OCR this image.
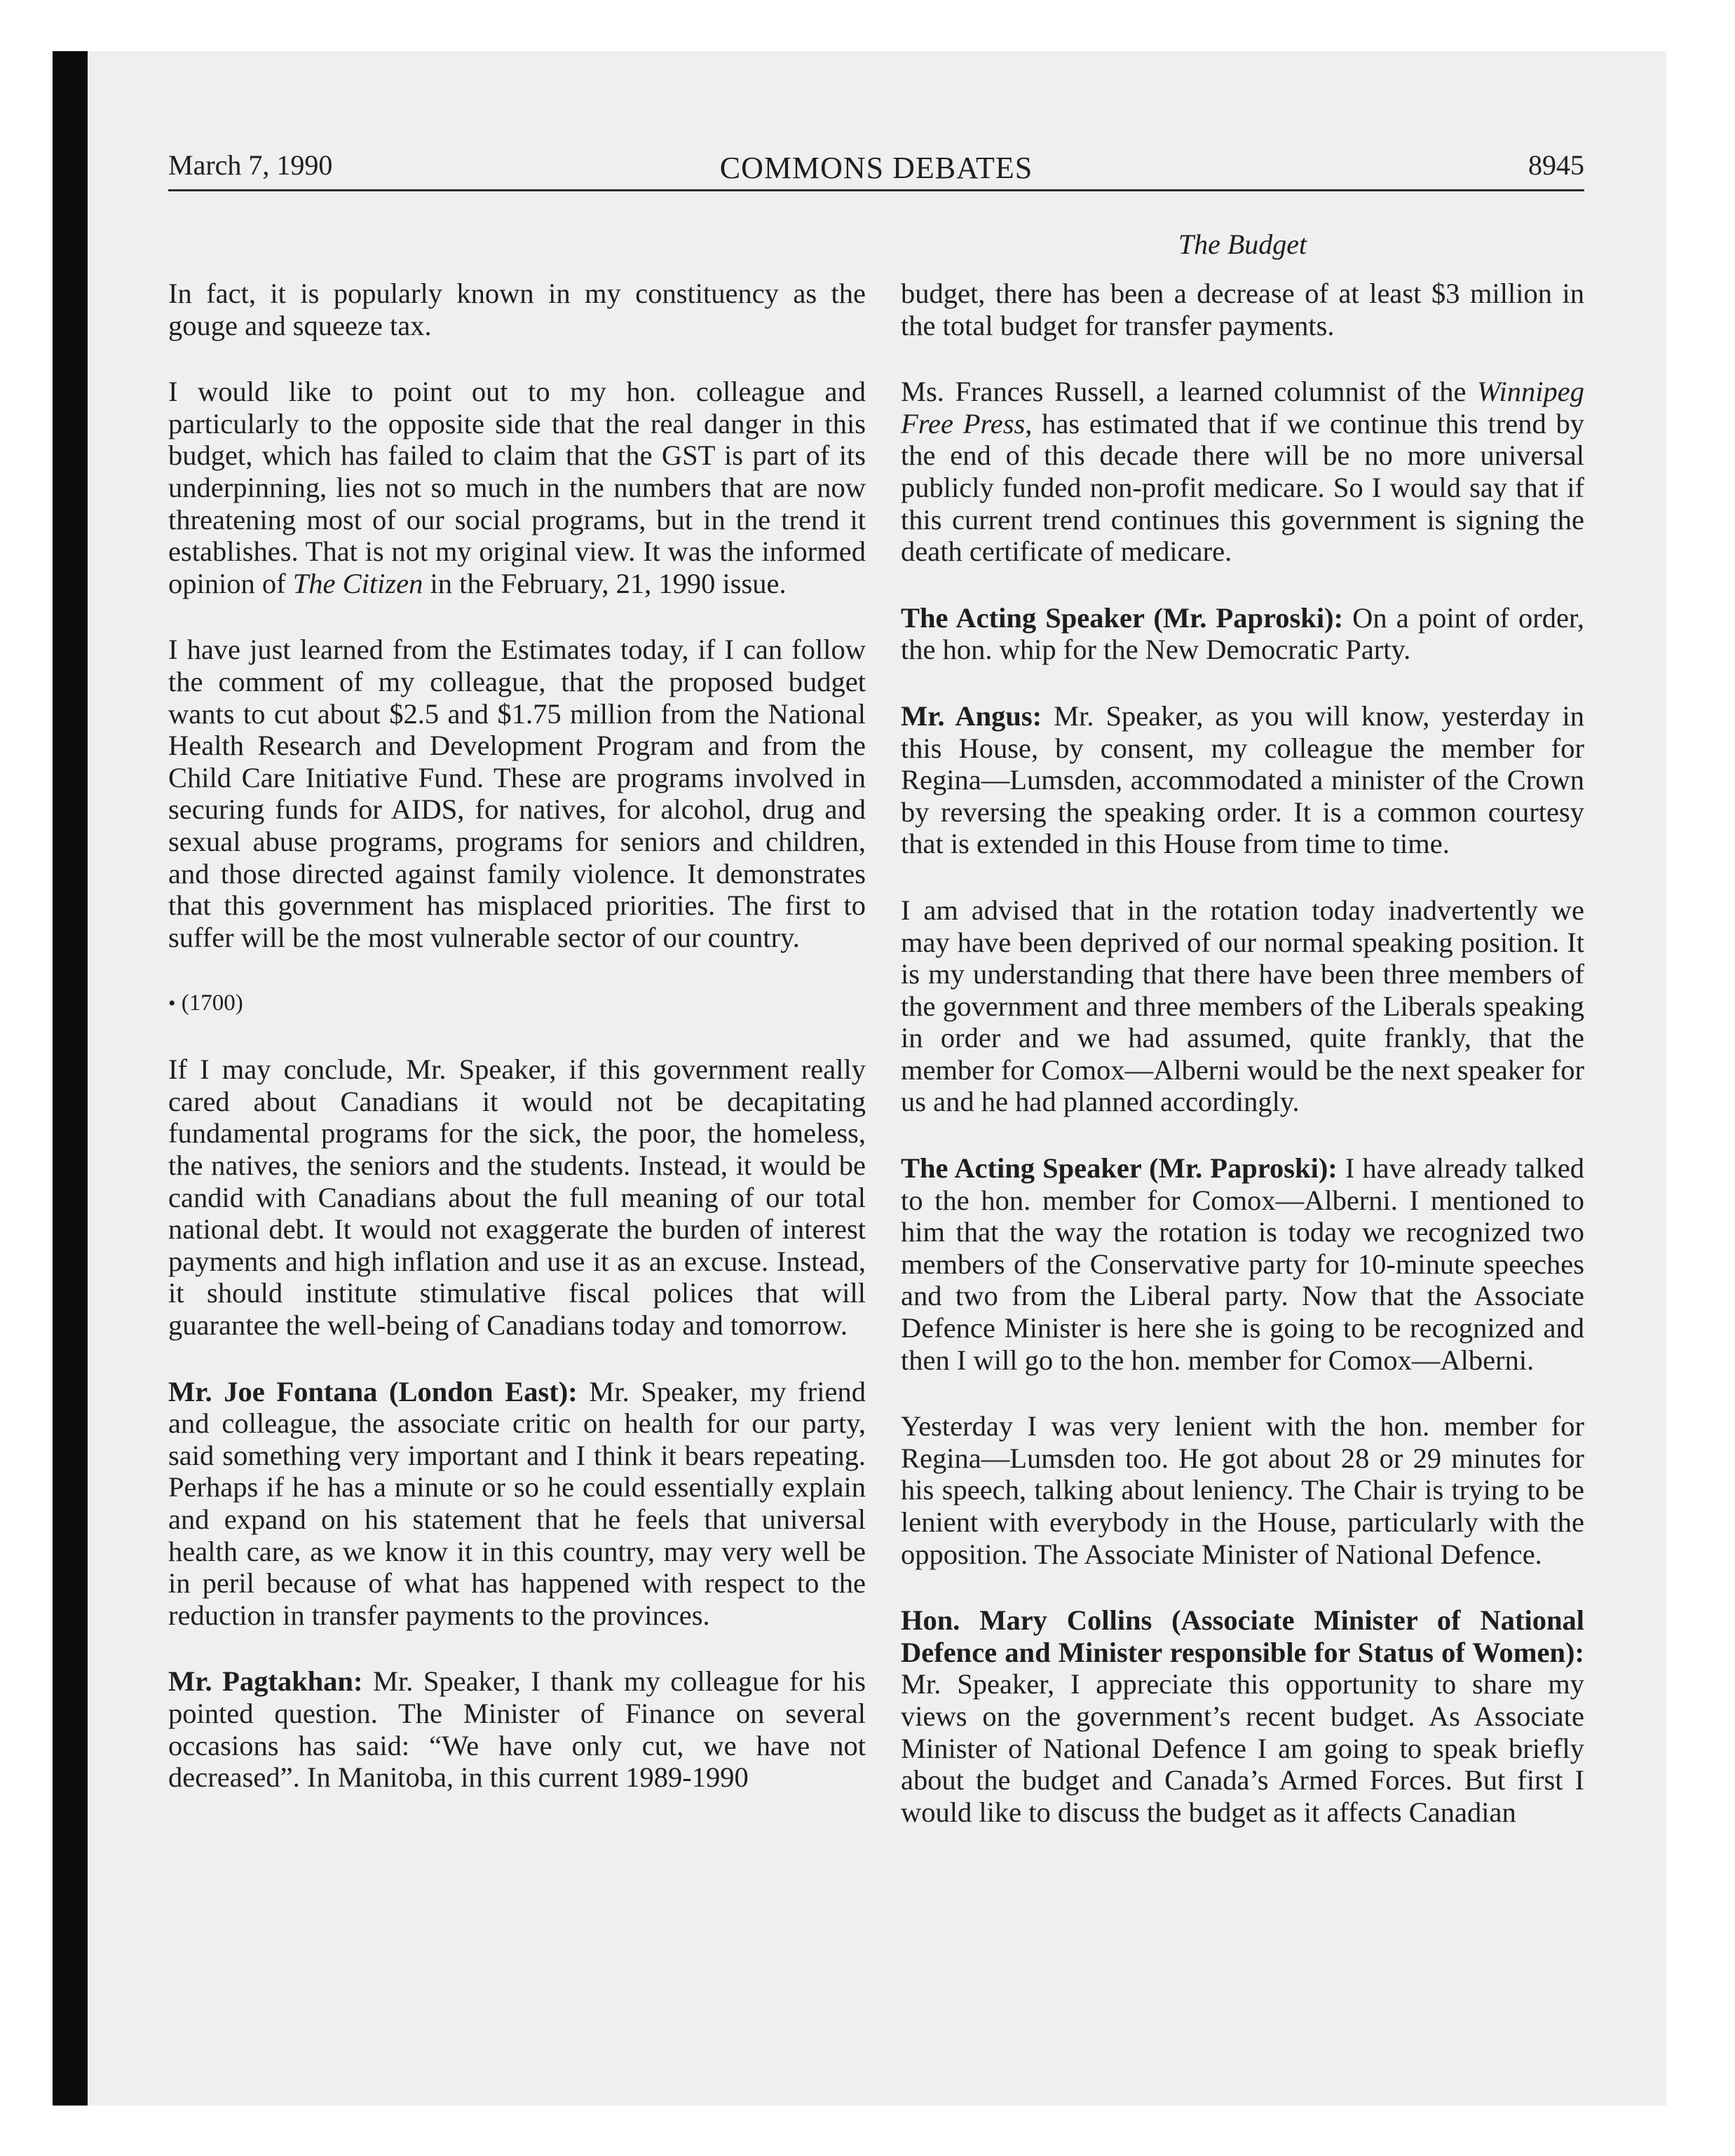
March 7, 1990	COMMONS DEBATES	8945
The Budget

In fact, it is popularly known in my constituency as the gouge and squeeze tax.

I would like to point out to my hon. colleague and particularly to the opposite side that the real danger in this budget, which has failed to claim that the GST is part of its underpinning, lies not so much in the numbers that are now threatening most of our social programs, but in the trend it establishes. That is not my original view. It was the informed opinion of The Citizen in the February, 21, 1990 issue.

I have just learned from the Estimates today, if I can follow the comment of my colleague, that the proposed budget wants to cut about $2.5 and $1.75 million from the National Health Research and Development Program and from the Child Care Initiative Fund. These are programs involved in securing funds for AIDS, for natives, for alcohol, drug and sexual abuse programs, programs for seniors and children, and those directed against family violence. It demonstrates that this government has misplaced priorities. The first to suffer will be the most vulnerable sector of our country.

• (1700)

If I may conclude, Mr. Speaker, if this government really cared about Canadians it would not be decapitating fundamental programs for the sick, the poor, the homeless, the natives, the seniors and the students. Instead, it would be candid with Canadians about the full meaning of our total national debt. It would not exaggerate the burden of interest payments and high inflation and use it as an excuse. Instead, it should institute stimulative fiscal polices that will guarantee the well-being of Canadians today and tomorrow.

Mr. Joe Fontana (London East): Mr. Speaker, my friend and colleague, the associate critic on health for our party, said something very important and I think it bears repeating. Perhaps if he has a minute or so he could essentially explain and expand on his statement that he feels that universal health care, as we know it in this country, may very well be in peril because of what has happened with respect to the reduction in transfer payments to the provinces.

Mr. Pagtakhan: Mr. Speaker, I thank my colleague for his pointed question. The Minister of Finance on several occasions has said: “We have only cut, we have not decreased”. In Manitoba, in this current 1989-1990

budget, there has been a decrease of at least $3 million in the total budget for transfer payments.

Ms. Frances Russell, a learned columnist of the Winnipeg Free Press, has estimated that if we continue this trend by the end of this decade there will be no more universal publicly funded non-profit medicare. So I would say that if this current trend continues this government is signing the death certificate of medicare.

The Acting Speaker (Mr. Paproski): On a point of order, the hon. whip for the New Democratic Party.

Mr. Angus: Mr. Speaker, as you will know, yesterday in this House, by consent, my colleague the member for Regina—Lumsden, accommodated a minister of the Crown by reversing the speaking order. It is a common courtesy that is extended in this House from time to time.

I am advised that in the rotation today inadvertently we may have been deprived of our normal speaking position. It is my understanding that there have been three members of the government and three members of the Liberals speaking in order and we had assumed, quite frankly, that the member for Comox—Alberni would be the next speaker for us and he had planned accordingly.

The Acting Speaker (Mr. Paproski): I have already talked to the hon. member for Comox—Alberni. I mentioned to him that the way the rotation is today we recognized two members of the Conservative party for 10-minute speeches and two from the Liberal party. Now that the Associate Defence Minister is here she is going to be recognized and then I will go to the hon. member for Comox—Alberni.

Yesterday I was very lenient with the hon. member for Regina—Lumsden too. He got about 28 or 29 minutes for his speech, talking about leniency. The Chair is trying to be lenient with everybody in the House, particularly with the opposition. The Associate Minister of National Defence.

Hon. Mary Collins (Associate Minister of National Defence and Minister responsible for Status of Women): Mr. Speaker, I appreciate this opportunity to share my views on the government’s recent budget. As Associate Minister of National Defence I am going to speak briefly about the budget and Canada’s Armed Forces. But first I would like to discuss the budget as it affects Canadian
